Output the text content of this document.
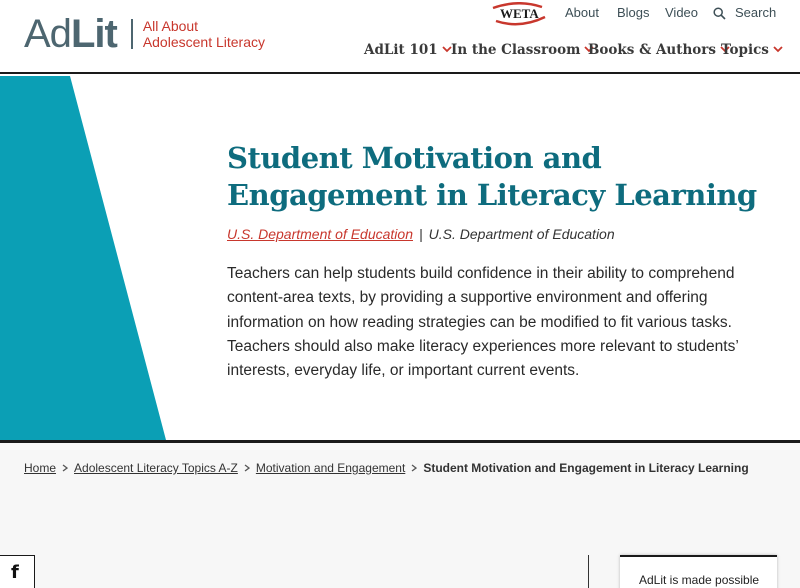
AdLit All About
Adolescent Literacy
WETA About Blogs Video	Search
AdLit 101 In the Classroom Books & Authors Topics
Student Motivation and
Engagement in Literacy Learning
U.S. Department of Education | U.S. Department of Education

Teachers can help students build confidence in their ability to comprehend content-area texts, by providing a supportive environment and offering information on how reading strategies can be modified to fit various tasks. Teachers should also make literacy experiences more relevant to students’ interests, everyday life, or important current events.

Home Adolescent Literacy Topics A-Z Motivation and Engagement Student Motivation and Engagement in Literacy Learning
f	AdLit is made possible
